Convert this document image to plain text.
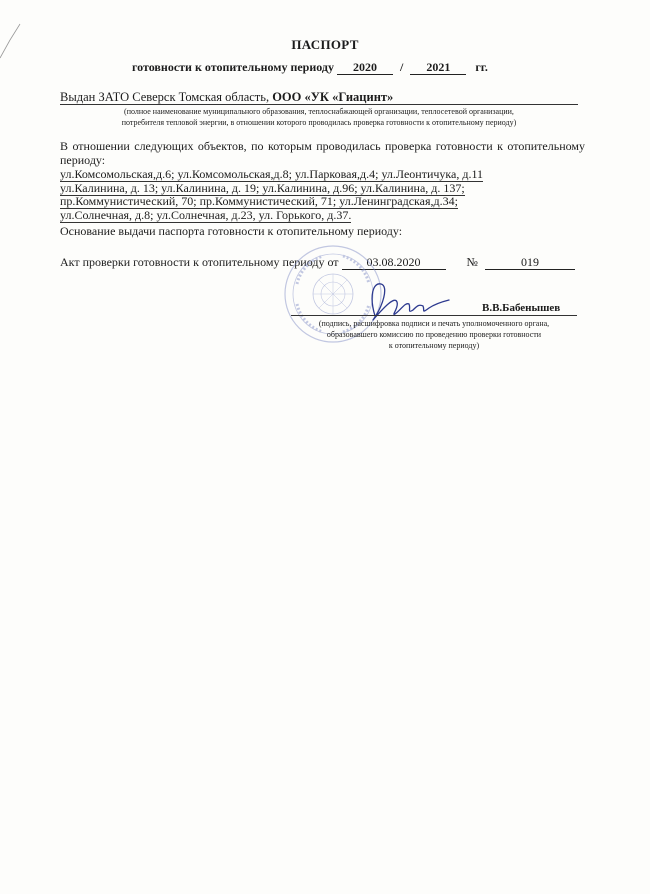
ПАСПОРТ
готовности к отопительному периоду 2020 / 2021 гг.
Выдан ЗАТО Северск Томская область, ООО «УК «Гиацинт»
(полное наименование муниципального образования, теплоснабжающей организации, теплосетевой организации,
потребителя тепловой энергии, в отношении которого проводилась проверка готовности к отопительному периоду)
В отношении следующих объектов, по которым проводилась проверка готовности к отопительному периоду:
ул.Комсомольская,д.6; ул.Комсомольская,д.8; ул.Парковая,д.4; ул.Леонтичука, д.11
ул.Калинина, д. 13; ул.Калинина, д. 19; ул.Калинина, д.96; ул.Калинина, д. 137;
пр.Коммунистический, 70; пр.Коммунистический, 71; ул.Ленинградская,д.34;
ул.Солнечная, д.8; ул.Солнечная, д.23, ул. Горького, д.37.
Основание выдачи паспорта готовности к отопительному периоду:
Акт проверки готовности к отопительному периоду от 03.08.2020	№	019
В.В.Бабенышев
(подпись, расшифровка подписи и печать уполномоченного органа,
образовавшего комиссию по проведению проверки готовности
к отопительному периоду)
